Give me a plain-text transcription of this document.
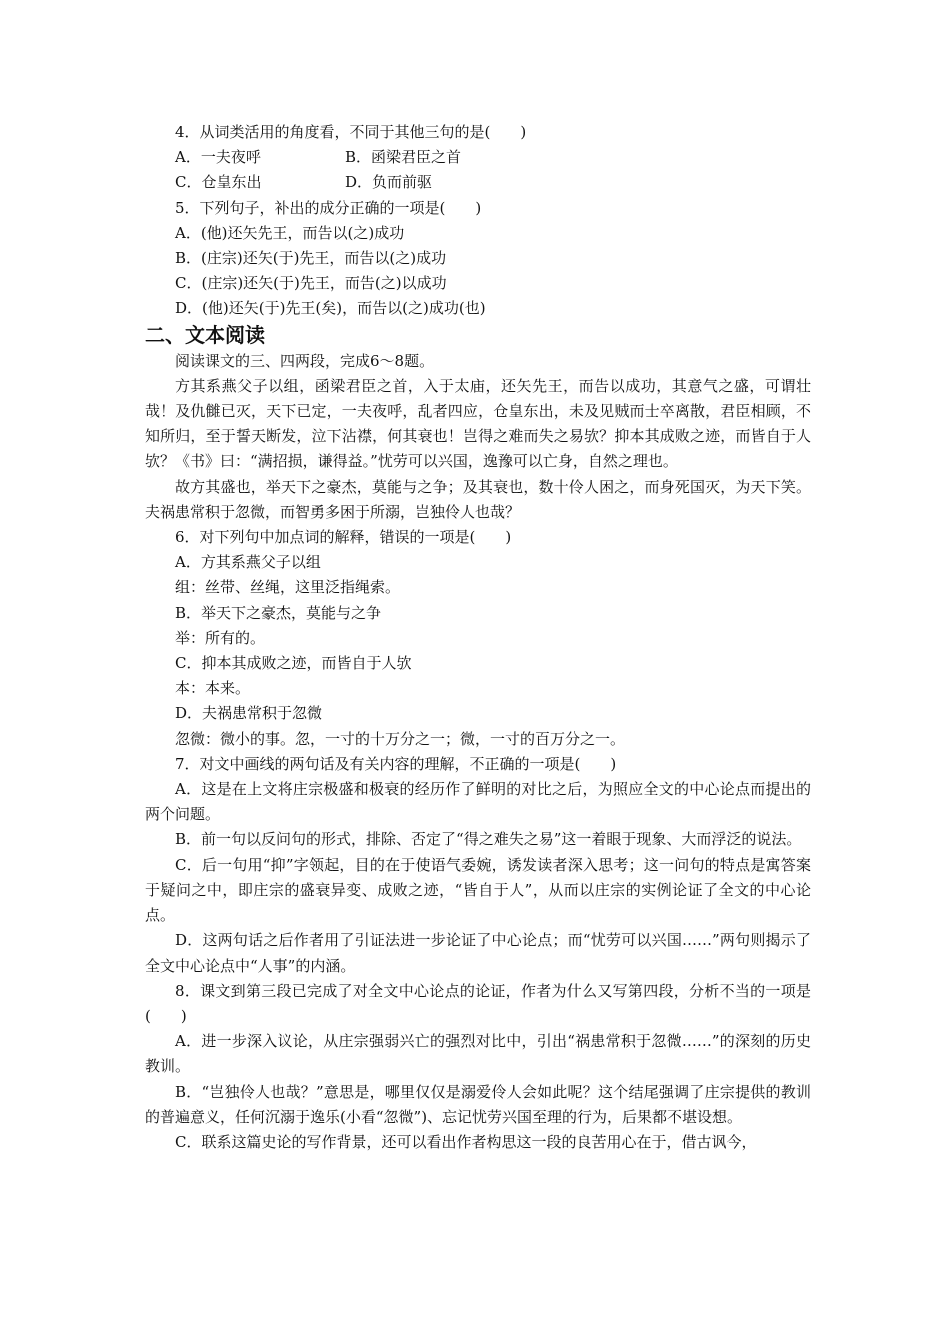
4．从词类活用的角度看，不同于其他三句的是(　　)

A．一夫夜呼	B．函梁君臣之首
C．仓皇东出	D．负而前驱

5．下列句子，补出的成分正确的一项是(　　)

A．(他)还矢先王，而告以(之)成功

B．(庄宗)还矢(于)先王，而告以(之)成功

C．(庄宗)还矢(于)先王，而告(之)以成功

D．(他)还矢(于)先王(矣)，而告以(之)成功(也)

二、文本阅读

阅读课文的三、四两段，完成6～8题。

方其系燕父子以组，函梁君臣之首，入于太庙，还矢先王，而告以成功，其意气之盛，可谓壮哉！及仇雠已灭，天下已定，一夫夜呼，乱者四应，仓皇东出，未及见贼而士卒离散，君臣相顾，不知所归，至于誓天断发，泣下沾襟，何其衰也！岂得之难而失之易欤？抑本其成败之迹，而皆自于人欤？《书》曰：“满招损，谦得益。”忧劳可以兴国，逸豫可以亡身，自然之理也。

故方其盛也，举天下之豪杰，莫能与之争；及其衰也，数十伶人困之，而身死国灭，为天下笑。夫祸患常积于忽微，而智勇多困于所溺，岂独伶人也哉？

6．对下列句中加点词的解释，错误的一项是(　　)

A．方其系燕父子以组

组：丝带、丝绳，这里泛指绳索。

B．举天下之豪杰，莫能与之争

举：所有的。

C．抑本其成败之迹，而皆自于人欤

本：本来。

D．夫祸患常积于忽微

忽微：微小的事。忽，一寸的十万分之一；微，一寸的百万分之一。

7．对文中画线的两句话及有关内容的理解，不正确的一项是(　　)

A．这是在上文将庄宗极盛和极衰的经历作了鲜明的对比之后，为照应全文的中心论点而提出的两个问题。

B．前一句以反问句的形式，排除、否定了“得之难失之易”这一着眼于现象、大而浮泛的说法。

C．后一句用“抑”字领起，目的在于使语气委婉，诱发读者深入思考；这一问句的特点是寓答案于疑问之中，即庄宗的盛衰异变、成败之迹，“皆自于人”，从而以庄宗的实例论证了全文的中心论点。

D．这两句话之后作者用了引证法进一步论证了中心论点；而“忧劳可以兴国……”两句则揭示了全文中心论点中“人事”的内涵。

8．课文到第三段已完成了对全文中心论点的论证，作者为什么又写第四段，分析不当的一项是(　　)

A．进一步深入议论，从庄宗强弱兴亡的强烈对比中，引出“祸患常积于忽微……”的深刻的历史教训。

B．“岂独伶人也哉？”意思是，哪里仅仅是溺爱伶人会如此呢？这个结尾强调了庄宗提供的教训的普遍意义，任何沉溺于逸乐(小看“忽微”)、忘记忧劳兴国至理的行为，后果都不堪设想。

C．联系这篇史论的写作背景，还可以看出作者构思这一段的良苦用心在于，借古讽今，
